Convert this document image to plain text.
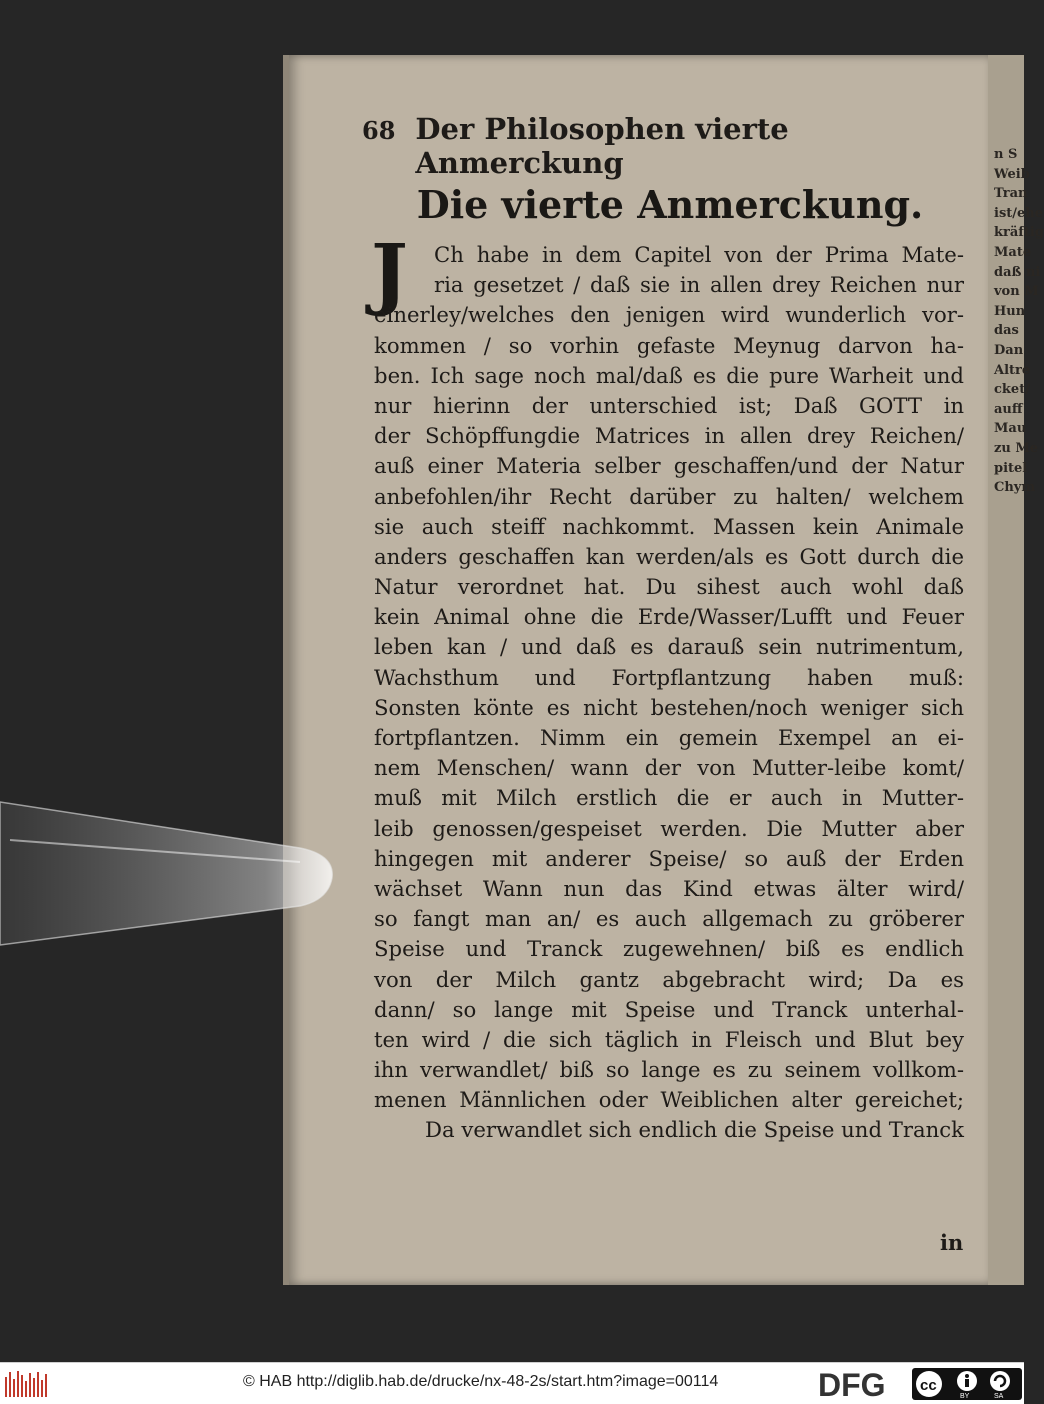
n S
Weib
Tran
ist/ehe
kräftig
Mate
daß ni
von M
Hun
das
Dan
Altre
cket/
auff
Mau
zu Me
pitel
Chym
68 Der Philosophen vierte Anmerckung
Die vierte Anmerckung.
J	Ch habe in dem Capitel von der Prima Mate-
ria gesetzet / daß sie in allen drey Reichen nur
einerley/welches den jenigen wird wunderlich vor-
kommen / so vorhin gefaste Meynug darvon ha-
ben. Ich sage noch mal/daß es die pure Warheit und
nur hierinn der unterschied ist; Daß GOTT in
der Schöpffungdie Matrices in allen drey Reichen/
auß einer Materia selber geschaffen/und der Natur
anbefohlen/ihr Recht darüber zu halten/ welchem
sie auch steiff nachkommt. Massen kein Animale
anders geschaffen kan werden/als es Gott durch die
Natur verordnet hat. Du sihest auch wohl daß
kein Animal ohne die Erde/Wasser/Lufft und Feuer
leben kan / und daß es darauß sein nutrimentum,
Wachsthum und Fortpflantzung haben muß:
Sonsten könte es nicht bestehen/noch weniger sich
fortpflantzen. Nimm ein gemein Exempel an ei-
nem Menschen/ wann der von Mutter-leibe komt/
muß mit Milch erstlich die er auch in Mutter-
leib genossen/gespeiset werden. Die Mutter aber
hingegen mit anderer Speise/ so auß der Erden
wächset Wann nun das Kind etwas älter wird/
so fangt man an/ es auch allgemach zu gröberer
Speise und Tranck zugewehnen/ biß es endlich
von der Milch gantz abgebracht wird; Da es
dann/ so lange mit Speise und Tranck unterhal-
ten wird / die sich täglich in Fleisch und Blut bey
ihn verwandlet/ biß so lange es zu seinem vollkom-
menen Männlichen oder Weiblichen alter gereichet;
Da verwandlet sich endlich die Speise und Tranck
in
© HAB http://diglib.hab.de/drucke/nx-48-2s/start.htm?image=00114	DFG cc
BY	SA
